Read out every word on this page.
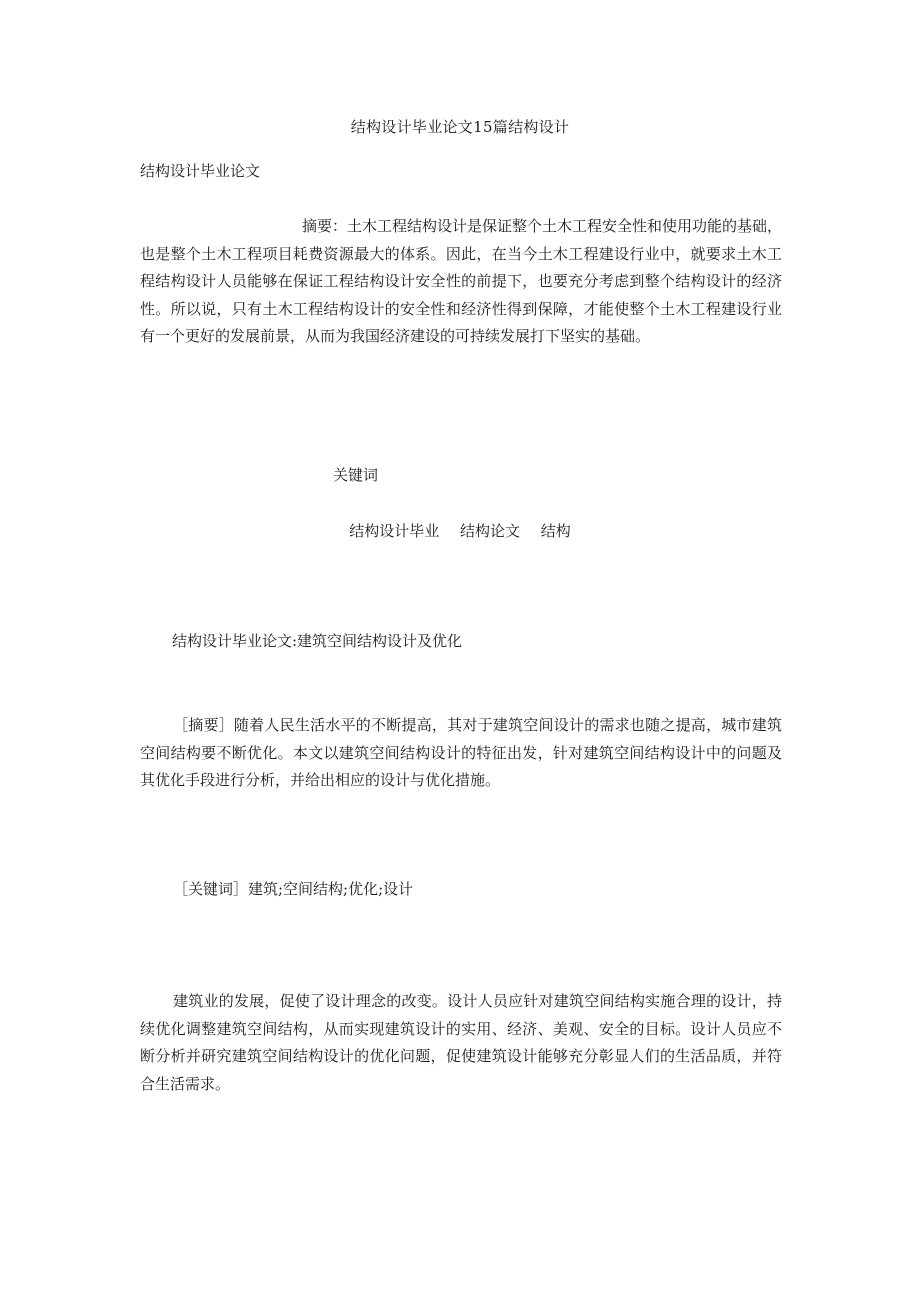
结构设计毕业论文15篇结构设计
结构设计毕业论文

摘要：土木工程结构设计是保证整个土木工程安全性和使用功能的基础，也是整个土木工程项目耗费资源最大的体系。因此，在当今土木工程建设行业中，就要求土木工程结构设计人员能够在保证工程结构设计安全性的前提下，也要充分考虑到整个结构设计的经济性。所以说，只有土木工程结构设计的安全性和经济性得到保障，才能使整个土木工程建设行业有一个更好的发展前景，从而为我国经济建设的可持续发展打下坚实的基础。

关键词
结构设计毕业 结构论文 结构
结构设计毕业论文:建筑空间结构设计及优化

［摘要］随着人民生活水平的不断提高，其对于建筑空间设计的需求也随之提高，城市建筑空间结构要不断优化。本文以建筑空间结构设计的特征出发，针对建筑空间结构设计中的问题及其优化手段进行分析，并给出相应的设计与优化措施。

［关键词］建筑;空间结构;优化;设计

建筑业的发展，促使了设计理念的改变。设计人员应针对建筑空间结构实施合理的设计，持续优化调整建筑空间结构，从而实现建筑设计的实用、经济、美观、安全的目标。设计人员应不断分析并研究建筑空间结构设计的优化问题，促使建筑设计能够充分彰显人们的生活品质，并符合生活需求。
